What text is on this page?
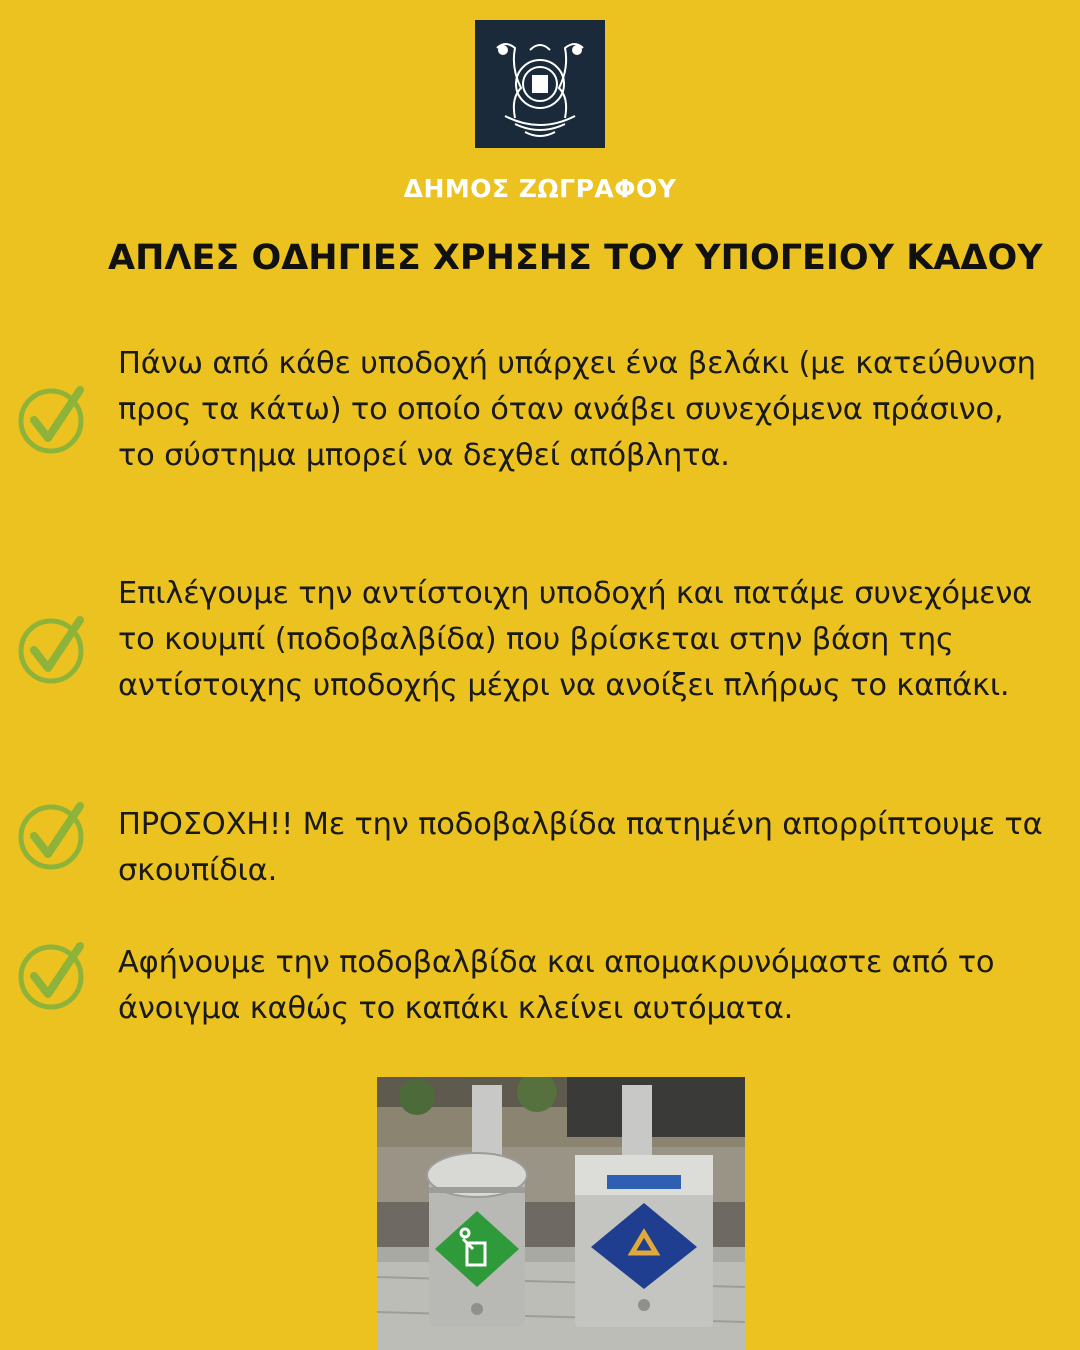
ΔΗΜΟΣ ΖΩΓΡΑΦΟΥ
ΑΠΛΕΣ ΟΔΗΓΙΕΣ ΧΡΗΣΗΣ ΤΟΥ ΥΠΟΓΕΙΟΥ ΚΑΔΟΥ
Πάνω από κάθε υποδοχή υπάρχει ένα βελάκι (με κατεύθυνση προς τα κάτω) το οποίο όταν ανάβει συνεχόμενα πράσινο, το σύστημα μπορεί να δεχθεί απόβλητα.
Επιλέγουμε την αντίστοιχη υποδοχή και πατάμε συνεχόμενα το κουμπί (ποδοβαλβίδα) που βρίσκεται στην βάση της αντίστοιχης υποδοχής μέχρι να ανοίξει πλήρως το καπάκι.
ΠΡΟΣΟΧΗ!! Με την ποδοβαλβίδα πατημένη απορρίπτουμε τα σκουπίδια.
Αφήνουμε την ποδοβαλβίδα και απομακρυνόμαστε από το άνοιγμα καθώς το καπάκι κλείνει αυτόματα.
